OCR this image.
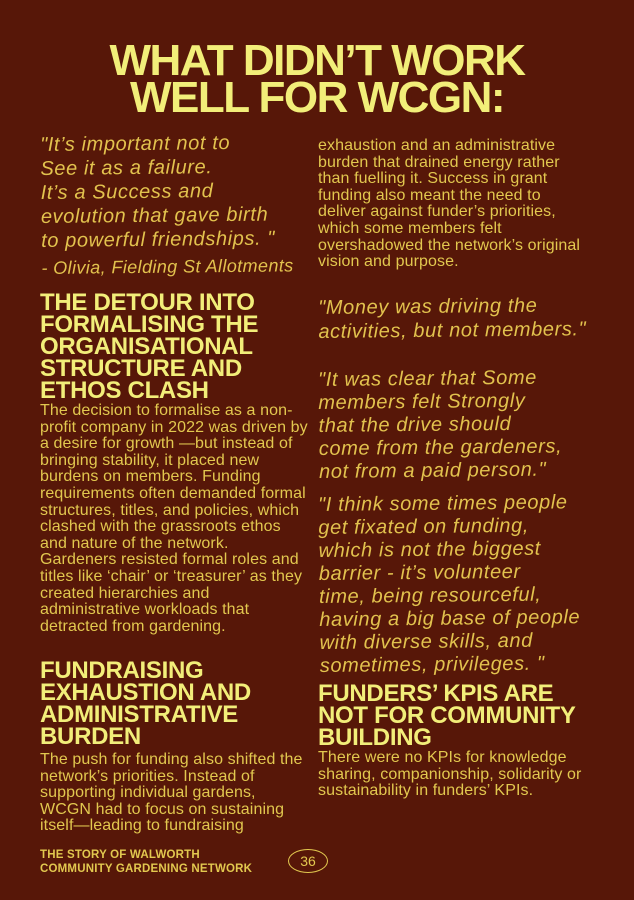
WHAT DIDN’T WORK
WELL FOR WCGN:
"It’s important not to
See it as a failure.
It’s a Success and
evolution that gave birth
to powerful friendships. "
- Olivia, Fielding St Allotments
THE DETOUR INTO
FORMALISING THE
ORGANISATIONAL
STRUCTURE AND
ETHOS CLASH
The decision to formalise as a non-profit company in 2022 was driven by a desire for growth —but instead of bringing stability, it placed new burdens on members. Funding requirements often demanded formal structures, titles, and policies, which clashed with the grassroots ethos and nature of the network. Gardeners resisted formal roles and titles like ‘chair’ or ‘treasurer’ as they created hierarchies and administrative workloads that detracted from gardening.
FUNDRAISING
EXHAUSTION AND
ADMINISTRATIVE
BURDEN
The push for funding also shifted the network’s priorities. Instead of supporting individual gardens, WCGN had to focus on sustaining itself—leading to fundraising
exhaustion and an administrative burden that drained energy rather than fuelling it. Success in grant funding also meant the need to deliver against funder’s priorities, which some members felt overshadowed the network’s original vision and purpose.
"Money was driving the
activities, but not members."
"It was clear that Some
members felt Strongly
that the drive should
come from the gardeners,
not from a paid person."
"I think some times people
get fixated on funding,
which is not the biggest
barrier - it’s volunteer
time, being resourceful,
having a big base of people
with diverse skills, and
sometimes, privileges. "
FUNDERS’ KPIS ARE
NOT FOR COMMUNITY
BUILDING
There were no KPIs for knowledge sharing, companionship, solidarity or sustainability in funders’ KPIs.
THE STORY OF WALWORTH
COMMUNITY GARDENING NETWORK	36
